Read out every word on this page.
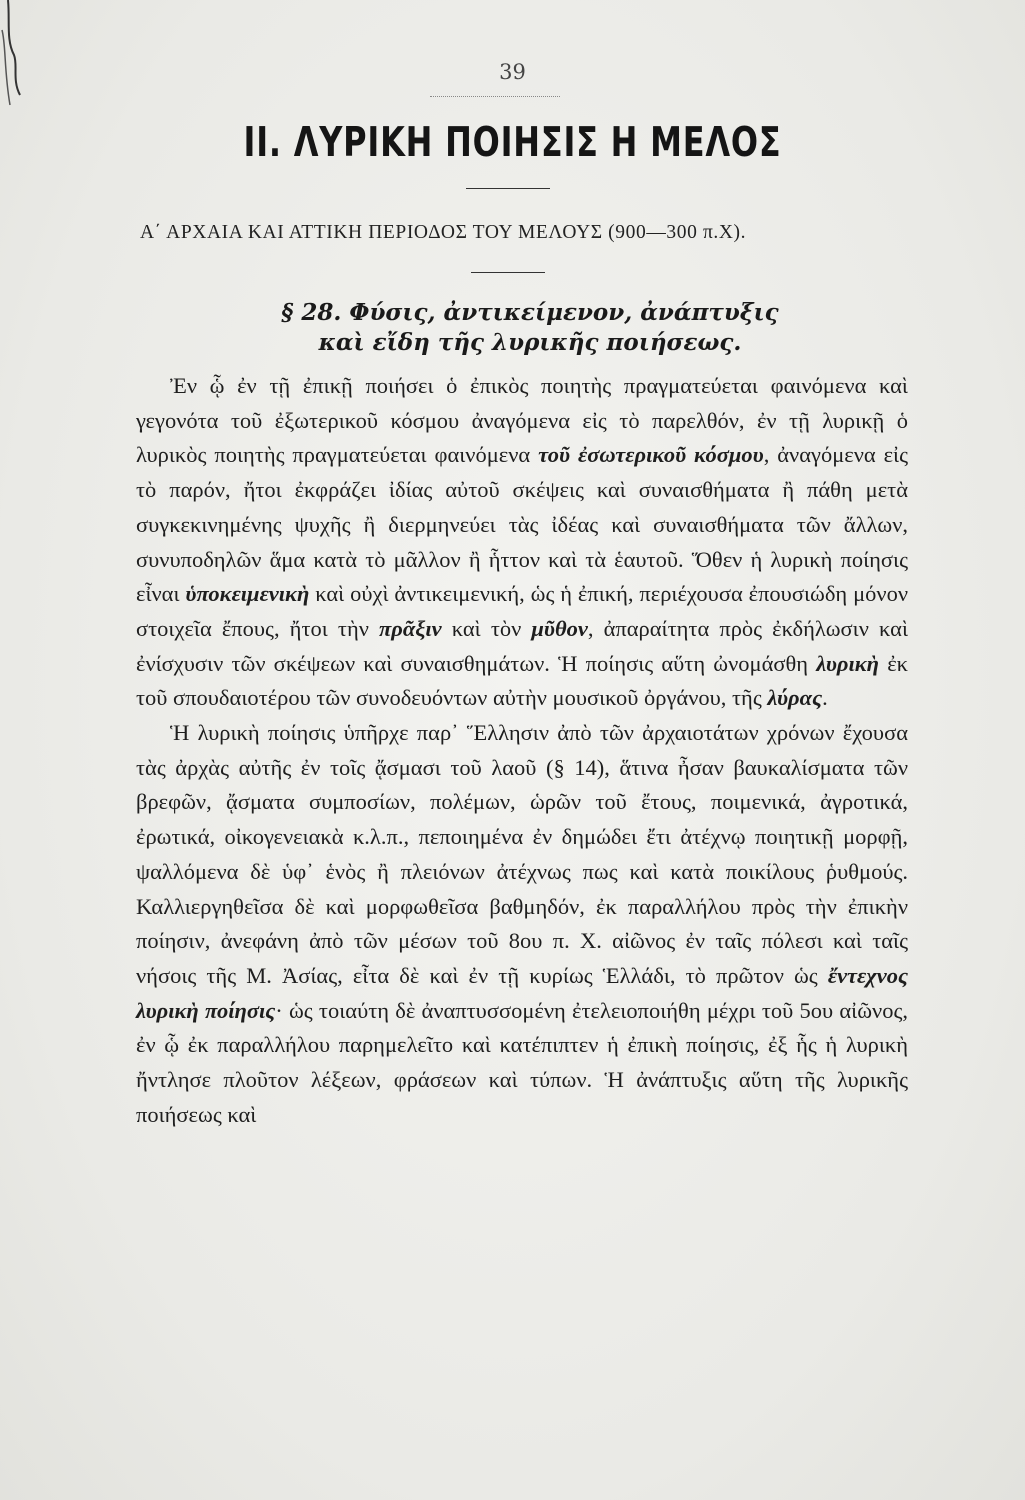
39
II. ΛΥΡΙΚΗ ΠΟΙΗΣΙΣ Η ΜΕΛΟΣ
Α΄ ΑΡΧΑΙΑ ΚΑΙ ΑΤΤΙΚΗ ΠΕΡΙΟΔΟΣ ΤΟΥ ΜΕΛΟΥΣ (900—300 π.Χ).
§ 28. Φύσις, ἀντικείμενον, ἀνάπτυξις
καὶ εἴδη τῆς λυρικῆς ποιήσεως.

Ἐν ᾧ ἐν τῇ ἐπικῇ ποιήσει ὁ ἐπικὸς ποιητὴς πραγματεύεται φαινόμενα καὶ γεγονότα τοῦ ἐξωτερικοῦ κόσμου ἀναγόμενα εἰς τὸ παρελθόν, ἐν τῇ λυρικῇ ὁ λυρικὸς ποιητὴς πραγματεύεται φαινόμενα τοῦ ἐσωτερικοῦ κόσμου, ἀναγόμενα εἰς τὸ παρόν, ἤτοι ἐκφράζει ἰδίας αὐτοῦ σκέψεις καὶ συναισθήματα ἢ πάθη μετὰ συγκεκινημένης ψυχῆς ἢ διερμηνεύει τὰς ἰδέας καὶ συναισθήματα τῶν ἄλλων, συνυποδηλῶν ἅμα κατὰ τὸ μᾶλλον ἢ ἧττον καὶ τὰ ἑαυτοῦ. Ὅθεν ἡ λυρικὴ ποίησις εἶναι ὑποκειμενικὴ καὶ οὐχὶ ἀντικειμενική, ὡς ἡ ἐπική, περιέχουσα ἐπουσιώδη μόνον στοιχεῖα ἔπους, ἤτοι τὴν πρᾶξιν καὶ τὸν μῦθον, ἀπαραίτητα πρὸς ἐκδήλωσιν καὶ ἐνίσχυσιν τῶν σκέψεων καὶ συναισθημάτων. Ἡ ποίησις αὕτη ὠνομάσθη λυρικὴ ἐκ τοῦ σπουδαιοτέρου τῶν συνοδευόντων αὐτὴν μουσικοῦ ὀργάνου, τῆς λύρας.

Ἡ λυρικὴ ποίησις ὑπῆρχε παρ᾽ Ἕλλησιν ἀπὸ τῶν ἀρχαιοτάτων χρόνων ἔχουσα τὰς ἀρχὰς αὐτῆς ἐν τοῖς ᾄσμασι τοῦ λαοῦ (§ 14), ἅτινα ἦσαν βαυκαλίσματα τῶν βρεφῶν, ᾄσματα συμποσίων, πολέμων, ὡρῶν τοῦ ἔτους, ποιμενικά, ἀγροτικά, ἐρωτικά, οἰκογενειακὰ κ.λ.π., πεποιημένα ἐν δημώδει ἔτι ἀτέχνῳ ποιητικῇ μορφῇ, ψαλλόμενα δὲ ὑφ᾽ ἑνὸς ἢ πλειόνων ἀτέχνως πως καὶ κατὰ ποικίλους ῥυθμούς. Καλλιεργηθεῖσα δὲ καὶ μορφωθεῖσα βαθμηδόν, ἐκ παραλλήλου πρὸς τὴν ἐπικὴν ποίησιν, ἀνεφάνη ἀπὸ τῶν μέσων τοῦ 8ου π. Χ. αἰῶνος ἐν ταῖς πόλεσι καὶ ταῖς νήσοις τῆς Μ. Ἀσίας, εἶτα δὲ καὶ ἐν τῇ κυρίως Ἑλλάδι, τὸ πρῶτον ὡς ἔντεχνος λυρικὴ ποίησις· ὡς τοιαύτη δὲ ἀναπτυσσομένη ἐτελειοποιήθη μέχρι τοῦ 5ου αἰῶνος, ἐν ᾧ ἐκ παραλλήλου παρημελεῖτο καὶ κατέπιπτεν ἡ ἐπικὴ ποίησις, ἐξ ἧς ἡ λυρικὴ ἤντλησε πλοῦτον λέξεων, φράσεων καὶ τύπων. Ἡ ἀνάπτυξις αὕτη τῆς λυρικῆς ποιήσεως καὶ
